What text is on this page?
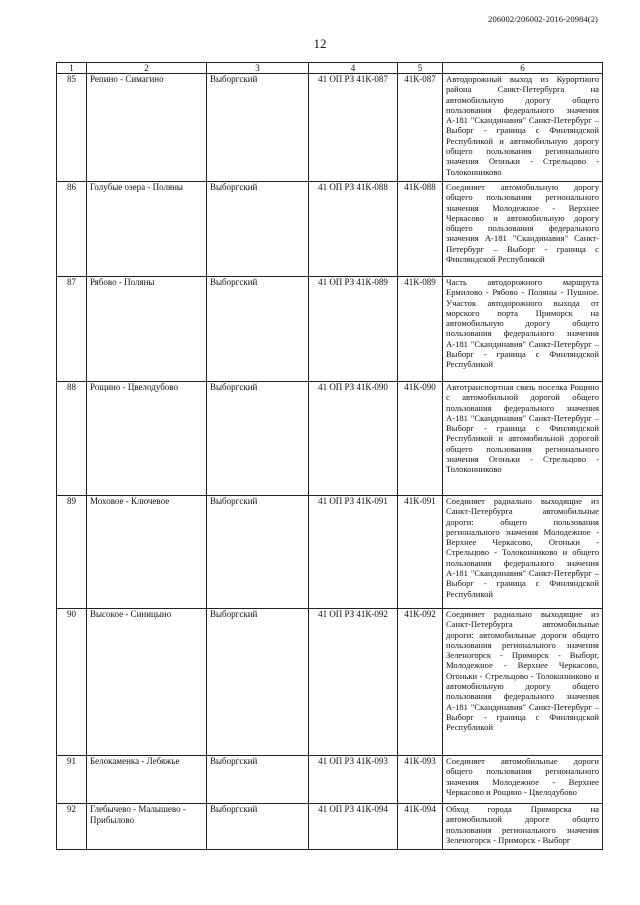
206002/206002-2016-20984(2)
12
1	2	3	4	5	6
85	Репино - Симагино	Выборгский	41 ОП РЗ 41К-087	41К-087	Автодорожный выход из Курортного района Санкт-Петербурга на автомобильную дорогу общего пользования федерального значения А-181 "Скандинавия" Санкт-Петербург – Выборг - граница с Финляндской Республикой и автомобильную дорогу общего пользования регионального значения Огоньки - Стрельцово - Толоконниково
86	Голубые озера - Поляны	Выборгский	41 ОП РЗ 41К-088	41К-088	Соединяет автомобильную дорогу общего пользования регионального значения Молодежное - Верхнее Черкасово и автомобильную дорогу общего пользования федерального значения А-181 "Скандинавия" Санкт-Петербург – Выборг - граница с Финляндской Республикой
87	Рябово - Поляны	Выборгский	41 ОП РЗ 41К-089	41К-089	Часть автодорожного маршрута Ермилово - Рябово - Поляны - Пушное. Участок автодорожного выхода от морского порта Приморск на автомобильную дорогу общего пользования федерального значения А-181 "Скандинавия" Санкт-Петербург – Выборг - граница с Финляндской Республикой
88	Рощино - Цвелодубово	Выборгский	41 ОП РЗ 41К-090	41К-090	Автотранспортная связь поселка Рощино с автомобильной дорогой общего пользования федерального значения А-181 "Скандинавия" Санкт-Петербург – Выборг - граница с Финляндской Республикой и автомобильной дорогой общего пользования регионального значения Огоньки - Стрельцово - Толоконниково
89	Моховое - Ключевое	Выборгский	41 ОП РЗ 41К-091	41К-091	Соединяет радиально выходящие из Санкт-Петербурга автомобильные дороги: общего пользования регионального значения Молодежное - Верхнее Черкасово, Огоньки - Стрельцово - Толоконниково и общего пользования федерального значения А-181 "Скандинавия" Санкт-Петербург – Выборг - граница с Финляндской Республикой
90	Высокое - Синицыно	Выборгский	41 ОП РЗ 41К-092	41К-092	Соединяет радиально выходящие из Санкт-Петербурга автомобильные дороги: автомобильные дороги общего пользования регионального значения Зеленогорск - Приморск - Выборг, Молодежное - Верхнее Черкасово, Огоньки - Стрельцово - Толоконниково и автомобильную дорогу общего пользования федерального значения А-181 "Скандинавия" Санкт-Петербург – Выборг - граница с Финляндской Республикой
91	Белокаменка - Лебяжье	Выборгский	41 ОП РЗ 41К-093	41К-093	Соединяет автомобильные дороги общего пользования регионального значения Молодежное - Верхнее Черкасово и Рощино - Цвелодубово
92	Глебычево - Малышево - Прибылово	Выборгский	41 ОП РЗ 41К-094	41К-094	Обход города Приморска на автомобильной дороге общего пользования регионального значения Зеленогорск - Приморск - Выборг
